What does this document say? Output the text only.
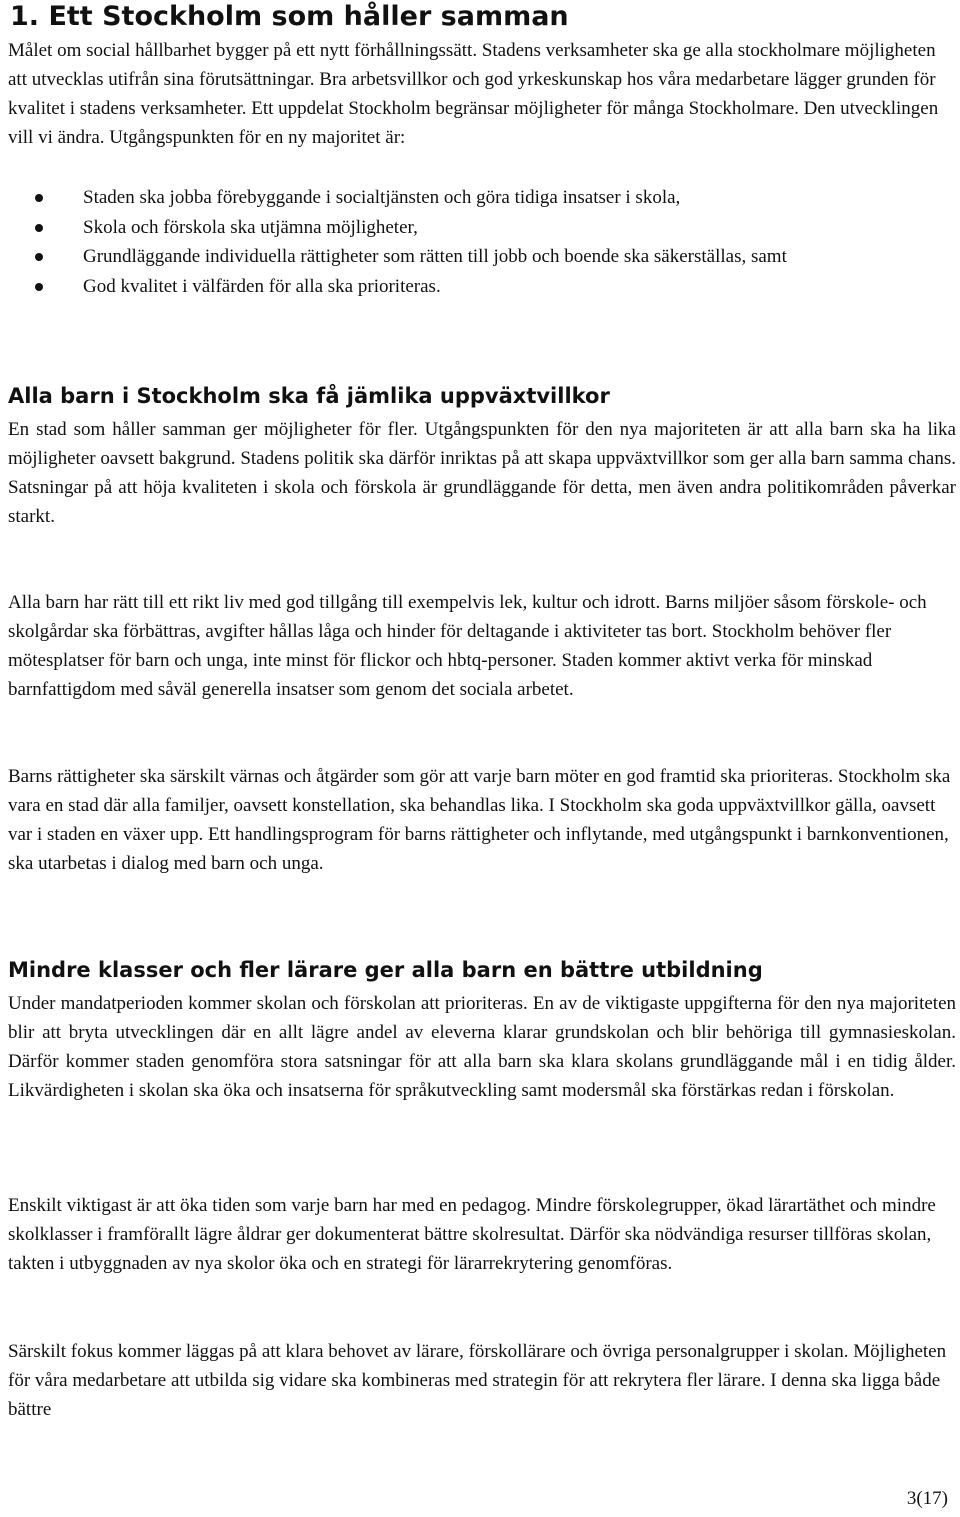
1. Ett Stockholm som håller samman

Målet om social hållbarhet bygger på ett nytt förhållningssätt. Stadens verksamheter ska ge alla stockholmare möjligheten att utvecklas utifrån sina förutsättningar. Bra arbetsvillkor och god yrkeskunskap hos våra medarbetare lägger grunden för kvalitet i stadens verksamheter. Ett uppdelat Stockholm begränsar möjligheter för många Stockholmare. Den utvecklingen vill vi ändra. Utgångspunkten för en ny majoritet är:

Staden ska jobba förebyggande i socialtjänsten och göra tidiga insatser i skola,
Skola och förskola ska utjämna möjligheter,
Grundläggande individuella rättigheter som rätten till jobb och boende ska säkerställas, samt
God kvalitet i välfärden för alla ska prioriteras.
Alla barn i Stockholm ska få jämlika uppväxtvillkor

En stad som håller samman ger möjligheter för fler. Utgångspunkten för den nya majoriteten är att alla barn ska ha lika möjligheter oavsett bakgrund. Stadens politik ska därför inriktas på att skapa uppväxtvillkor som ger alla barn samma chans. Satsningar på att höja kvaliteten i skola och förskola är grundläggande för detta, men även andra politikområden påverkar starkt.

Alla barn har rätt till ett rikt liv med god tillgång till exempelvis lek, kultur och idrott. Barns miljöer såsom förskole- och skolgårdar ska förbättras, avgifter hållas låga och hinder för deltagande i aktiviteter tas bort. Stockholm behöver fler mötesplatser för barn och unga, inte minst för flickor och hbtq-personer. Staden kommer aktivt verka för minskad barnfattigdom med såväl generella insatser som genom det sociala arbetet.

Barns rättigheter ska särskilt värnas och åtgärder som gör att varje barn möter en god framtid ska prioriteras. Stockholm ska vara en stad där alla familjer, oavsett konstellation, ska behandlas lika. I Stockholm ska goda uppväxtvillkor gälla, oavsett var i staden en växer upp. Ett handlingsprogram för barns rättigheter och inflytande, med utgångspunkt i barnkonventionen, ska utarbetas i dialog med barn och unga.

Mindre klasser och fler lärare ger alla barn en bättre utbildning

Under mandatperioden kommer skolan och förskolan att prioriteras. En av de viktigaste uppgifterna för den nya majoriteten blir att bryta utvecklingen där en allt lägre andel av eleverna klarar grundskolan och blir behöriga till gymnasieskolan. Därför kommer staden genomföra stora satsningar för att alla barn ska klara skolans grundläggande mål i en tidig ålder. Likvärdigheten i skolan ska öka och insatserna för språkutveckling samt modersmål ska förstärkas redan i förskolan.

Enskilt viktigast är att öka tiden som varje barn har med en pedagog. Mindre förskolegrupper, ökad lärartäthet och mindre skolklasser i framförallt lägre åldrar ger dokumenterat bättre skolresultat. Därför ska nödvändiga resurser tillföras skolan, takten i utbyggnaden av nya skolor öka och en strategi för lärarrekrytering genomföras.

Särskilt fokus kommer läggas på att klara behovet av lärare, förskollärare och övriga personalgrupper i skolan. Möjligheten för våra medarbetare att utbilda sig vidare ska kombineras med strategin för att rekrytera fler lärare. I denna ska ligga både bättre

3(17)
